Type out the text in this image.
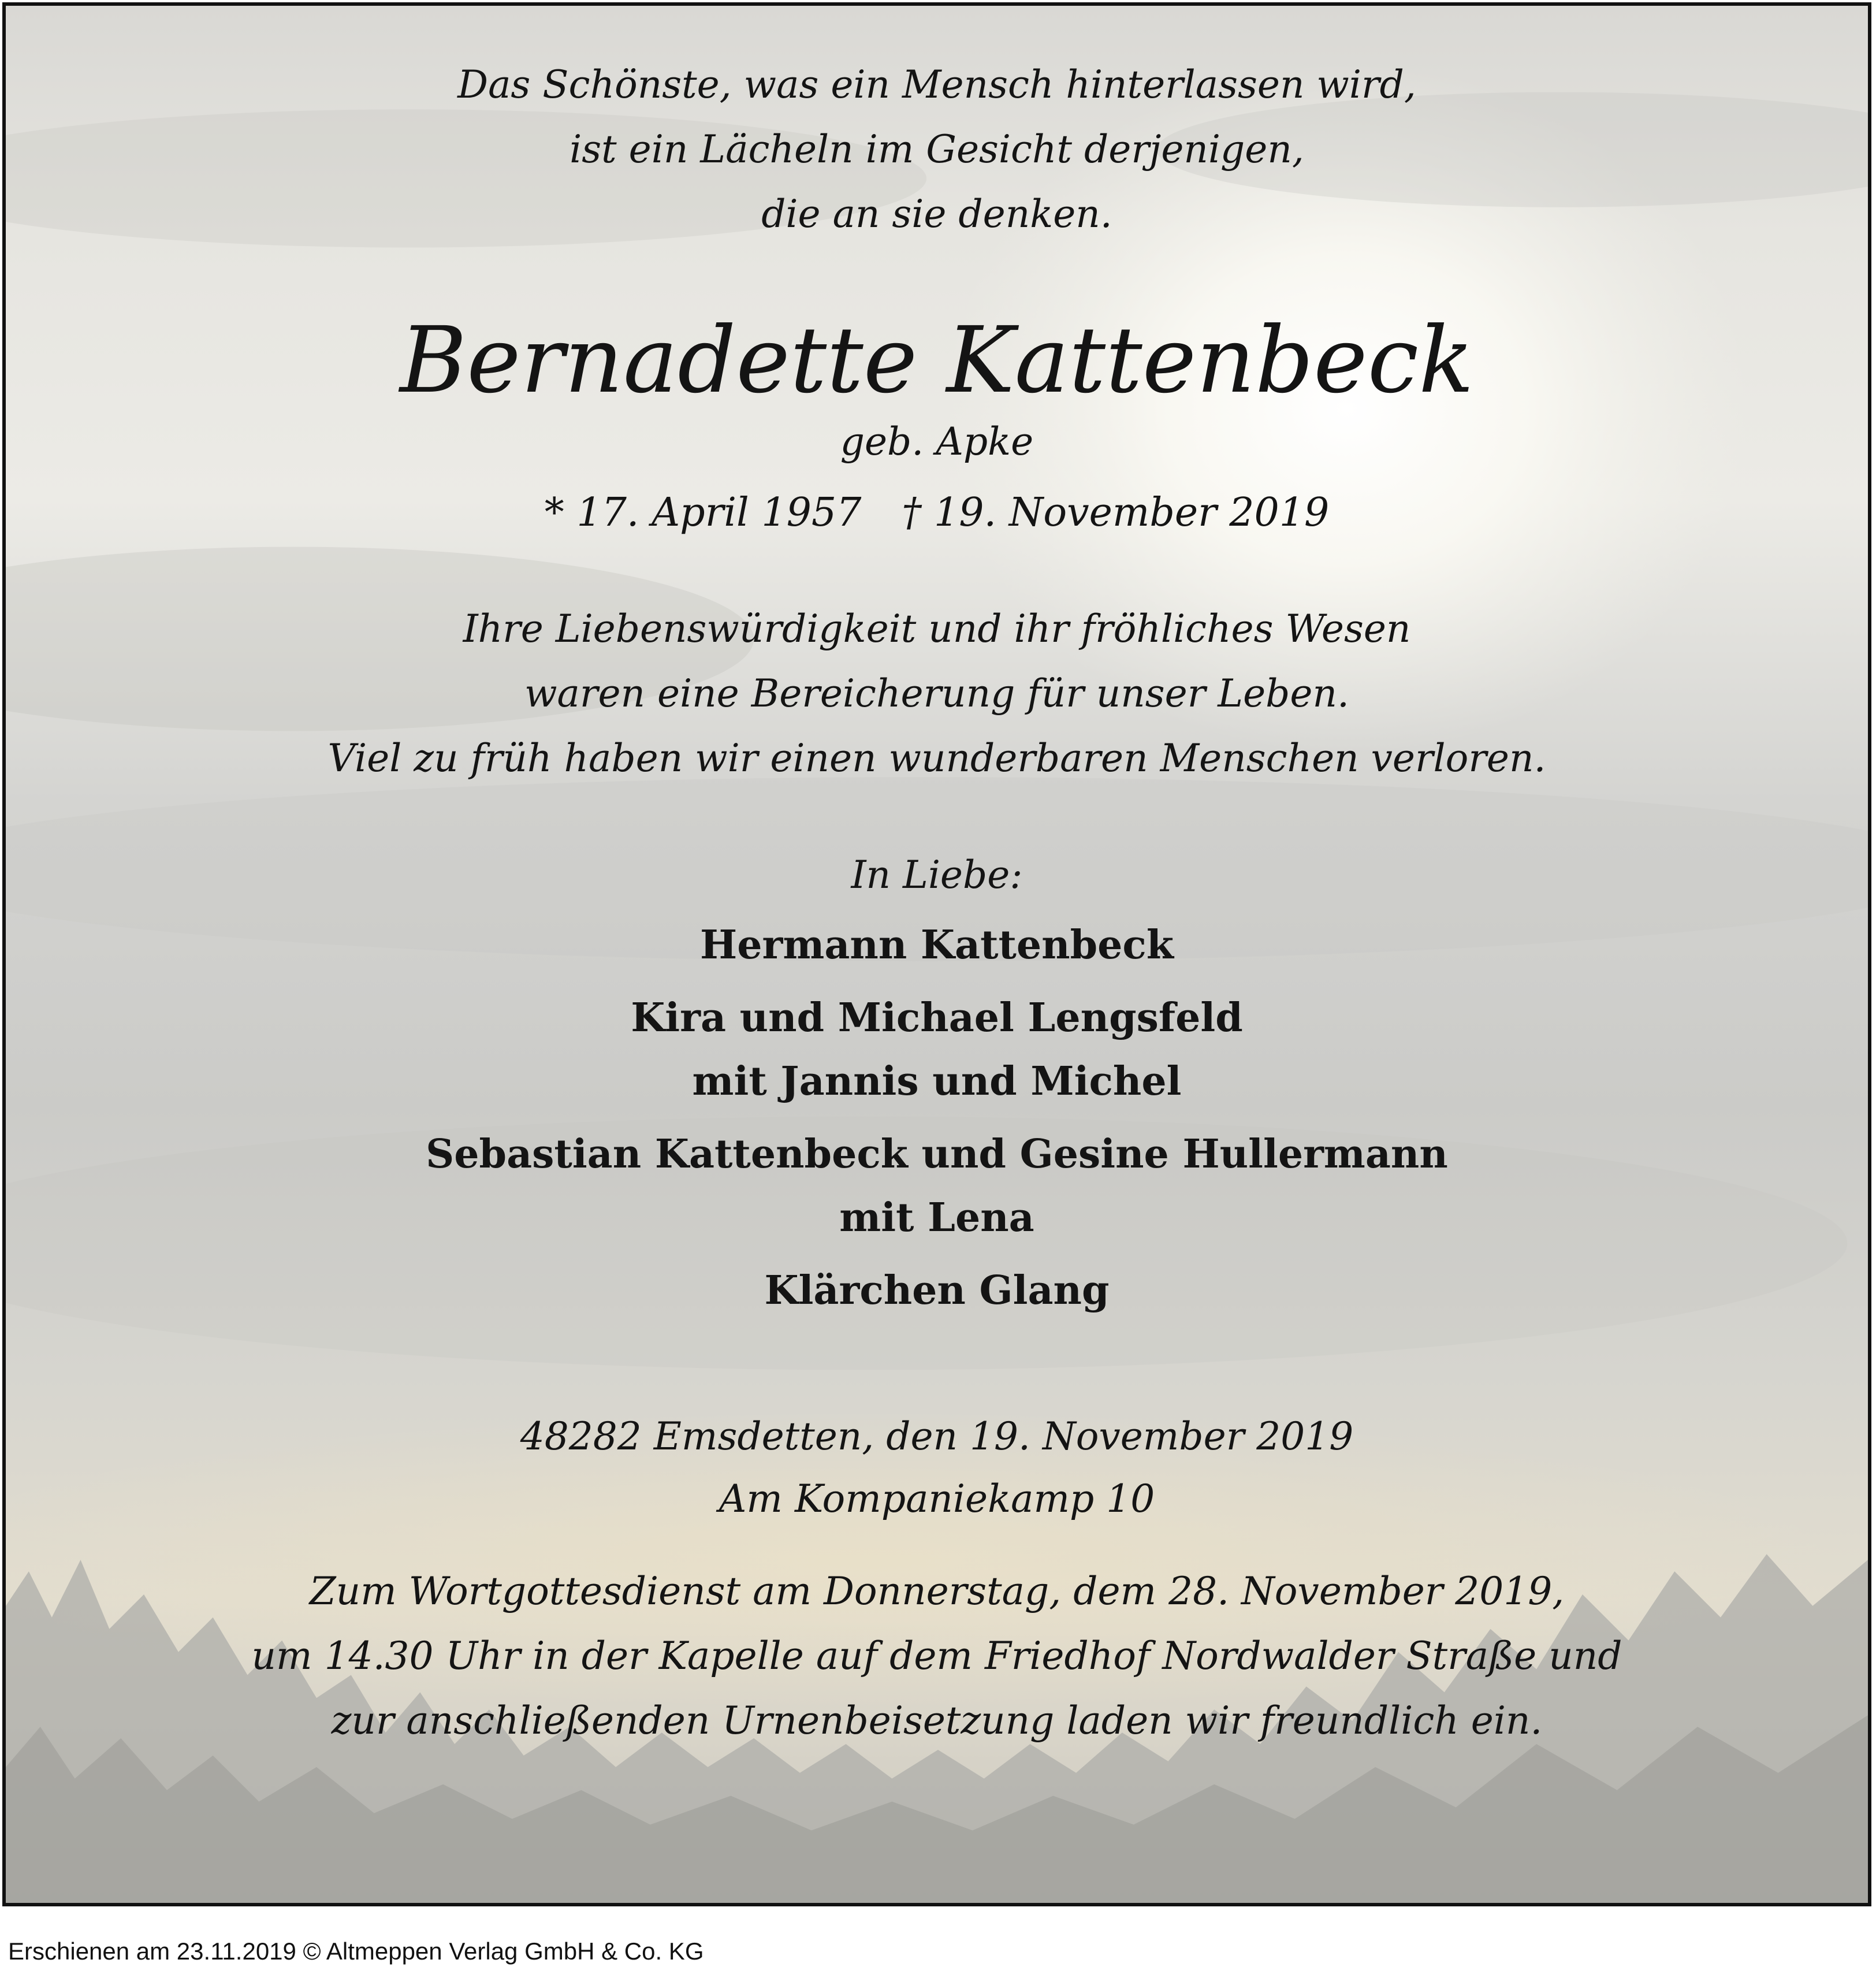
Das Schönste, was ein Mensch hinterlassen wird,

ist ein Lächeln im Gesicht derjenigen,

die an sie denken.

Bernadette Kattenbeck

geb. Apke

* 17. April 1957 † 19. November 2019

Ihre Liebenswürdigkeit und ihr fröhliches Wesen

waren eine Bereicherung für unser Leben.

Viel zu früh haben wir einen wunderbaren Menschen verloren.

In Liebe:

Hermann Kattenbeck

Kira und Michael Lengsfeld

mit Jannis und Michel

Sebastian Kattenbeck und Gesine Hullermann

mit Lena

Klärchen Glang

48282 Emsdetten, den 19. November 2019

Am Kompaniekamp 10

Zum Wortgottesdienst am Donnerstag, dem 28. November 2019,

um 14.30 Uhr in der Kapelle auf dem Friedhof Nordwalder Straße und

zur anschließenden Urnenbeisetzung laden wir freundlich ein.

Erschienen am 23.11.2019 © Altmeppen Verlag GmbH & Co. KG
